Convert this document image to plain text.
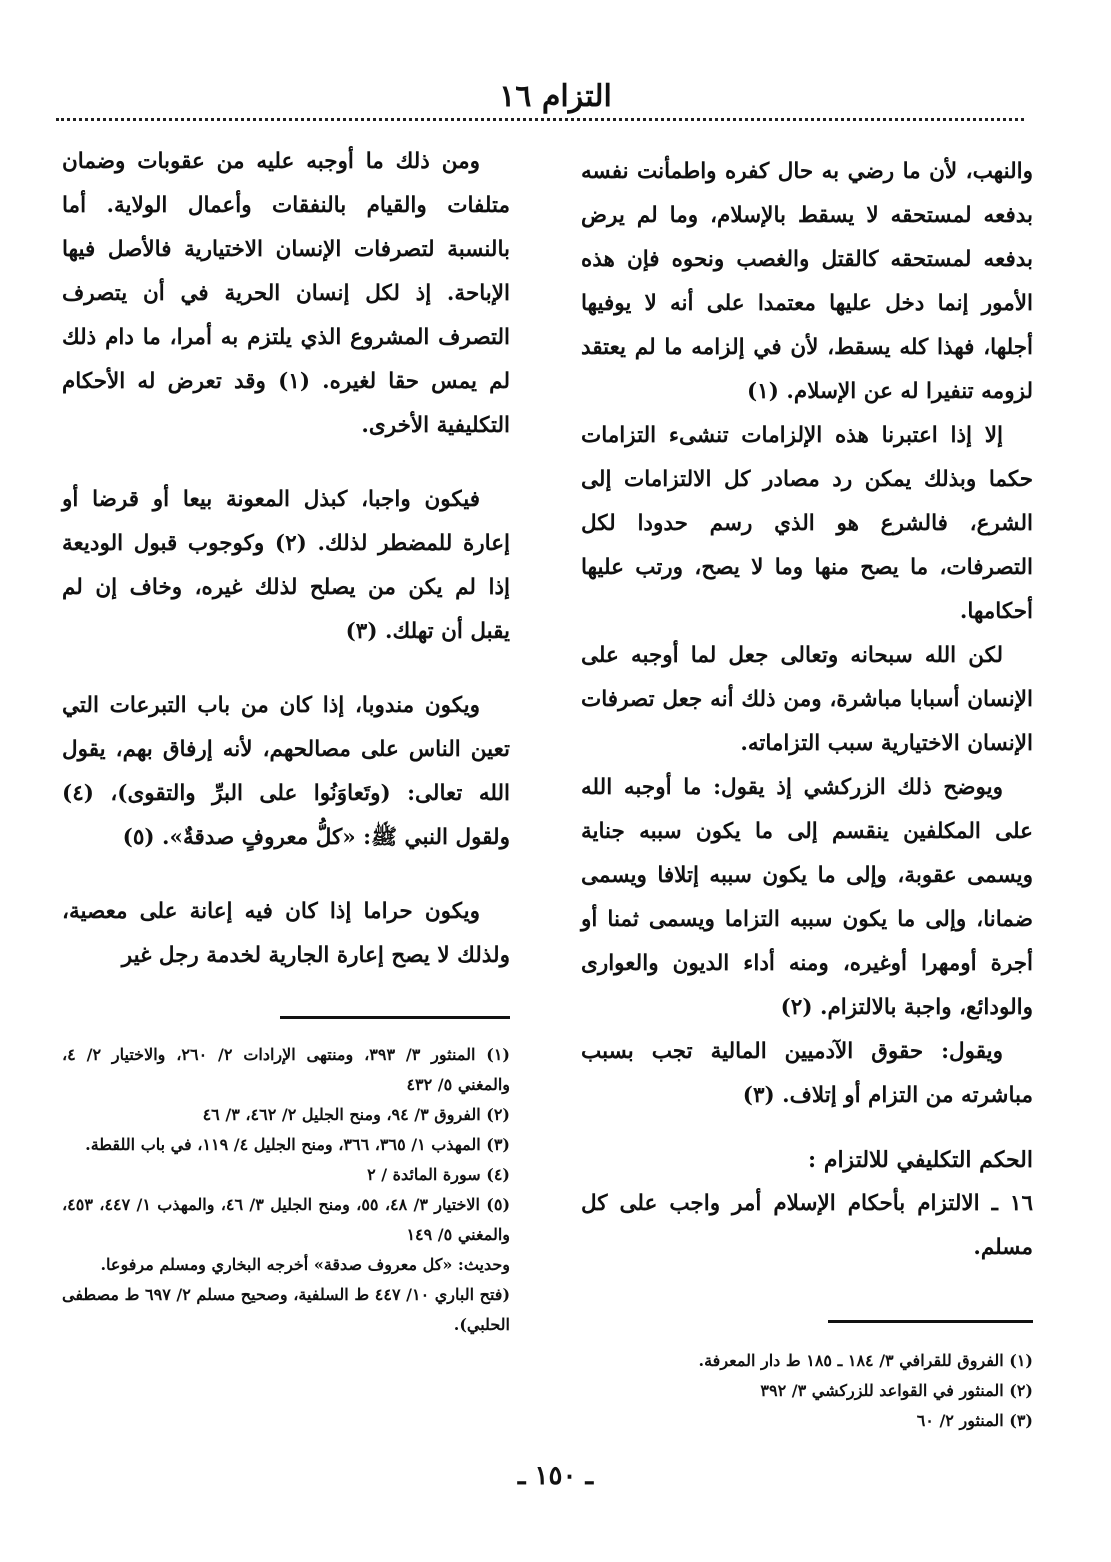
التزام ١٦

والنهب، لأن ما رضي به حال كفره واطمأنت نفسه بدفعه لمستحقه لا يسقط بالإسلام، وما لم يرض بدفعه لمستحقه كالقتل والغصب ونحوه فإن هذه الأمور إنما دخل عليها معتمدا على أنه لا يوفيها أجلها، فهذا كله يسقط، لأن في إلزامه ما لم يعتقد لزومه تنفيرا له عن الإسلام. (١)

إلا إذا اعتبرنا هذه الإلزامات تنشىء التزامات حكما وبذلك يمكن رد مصادر كل الالتزامات إلى الشرع، فالشرع هو الذي رسم حدودا لكل التصرفات، ما يصح منها وما لا يصح، ورتب عليها أحكامها.

لكن الله سبحانه وتعالى جعل لما أوجبه على الإنسان أسبابا مباشرة، ومن ذلك أنه جعل تصرفات الإنسان الاختيارية سبب التزاماته.

ويوضح ذلك الزركشي إذ يقول: ما أوجبه الله على المكلفين ينقسم إلى ما يكون سببه جناية ويسمى عقوبة، وإلى ما يكون سببه إتلافا ويسمى ضمانا، وإلى ما يكون سببه التزاما ويسمى ثمنا أو أجرة أومهرا أوغيره، ومنه أداء الديون والعوارى والودائع، واجبة بالالتزام. (٢)

ويقول: حقوق الآدميين المالية تجب بسبب مباشرته من التزام أو إتلاف. (٣)

الحكم التكليفي للالتزام :

١٦ ـ الالتزام بأحكام الإسلام أمر واجب على كل مسلم.

ومن ذلك ما أوجبه عليه من عقوبات وضمان متلفات والقيام بالنفقات وأعمال الولاية. أما بالنسبة لتصرفات الإنسان الاختيارية فالأصل فيها الإباحة. إذ لكل إنسان الحرية في أن يتصرف التصرف المشروع الذي يلتزم به أمرا، ما دام ذلك لم يمس حقا لغيره. (١) وقد تعرض له الأحكام التكليفية الأخرى.

فيكون واجبا، كبذل المعونة بيعا أو قرضا أو إعارة للمضطر لذلك. (٢) وكوجوب قبول الوديعة إذا لم يكن من يصلح لذلك غيره، وخاف إن لم يقبل أن تهلك. (٣)

ويكون مندوبا، إذا كان من باب التبرعات التي تعين الناس على مصالحهم، لأنه إرفاق بهم، يقول الله تعالى: (وتَعاوَنُوا على البرِّ والتقوى)، (٤) ولقول النبي ﷺ: «كلُّ معروفٍ صدقةٌ». (٥)

ويكون حراما إذا كان فيه إعانة على معصية، ولذلك لا يصح إعارة الجارية لخدمة رجل غير

(١) المنثور ٣/ ٣٩٣، ومنتهى الإرادات ٢/ ٢٦٠، والاختيار ٢/ ٤، والمغني ٥/ ٤٣٢

(٢) الفروق ٣/ ٩٤، ومنح الجليل ٢/ ٤٦٢، ٣/ ٤٦

(٣) المهذب ١/ ٣٦٥، ٣٦٦، ومنح الجليل ٤/ ١١٩، في باب اللقطة.

(٤) سورة المائدة / ٢

(٥) الاختيار ٣/ ٤٨، ٥٥، ومنح الجليل ٣/ ٤٦، والمهذب ١/ ٤٤٧، ٤٥٣، والمغني ٥/ ١٤٩

وحديث: «كل معروف صدقة» أخرجه البخاري ومسلم مرفوعا.

(فتح الباري ١٠/ ٤٤٧ ط السلفية، وصحيح مسلم ٢/ ٦٩٧ ط مصطفى الحلبي).

(١) الفروق للقرافي ٣/ ١٨٤ ـ ١٨٥ ط دار المعرفة.

(٢) المنثور في القواعد للزركشي ٣/ ٣٩٢

(٣) المنثور ٢/ ٦٠

ـ ١٥٠ ـ
